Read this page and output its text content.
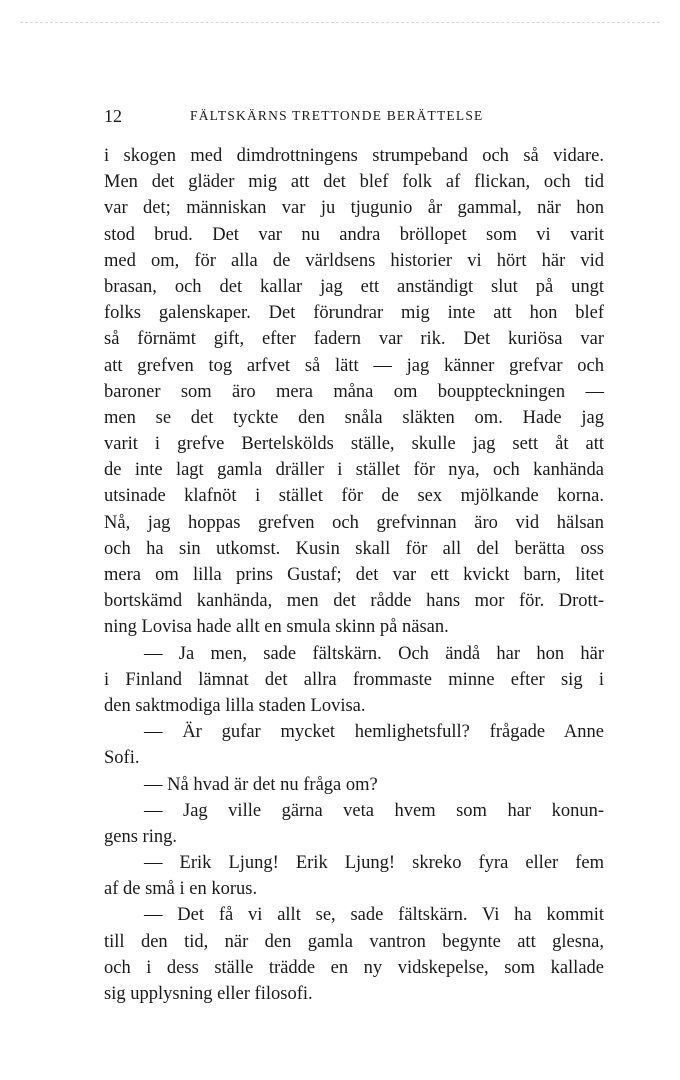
12	FÄLTSKÄRNS TRETTONDE BERÄTTELSE
i skogen med dimdrottningens strumpeband och så vidare.
Men det gläder mig att det blef folk af flickan, och tid
var det; människan var ju tjugunio år gammal, när hon
stod brud. Det var nu andra bröllopet som vi varit
med om, för alla de världsens historier vi hört här vid
brasan, och det kallar jag ett anständigt slut på ungt
folks galenskaper. Det förundrar mig inte att hon blef
så förnämt gift, efter fadern var rik. Det kuriösa var
att grefven tog arfvet så lätt — jag känner grefvar och
baroner som äro mera måna om bouppteckningen —
men se det tyckte den snåla släkten om. Hade jag
varit i grefve Bertelskölds ställe, skulle jag sett åt att
de inte lagt gamla dräller i stället för nya, och kanhända
utsinade klafnöt i stället för de sex mjölkande korna.
Nå, jag hoppas grefven och grefvinnan äro vid hälsan
och ha sin utkomst. Kusin skall för all del berätta oss
mera om lilla prins Gustaf; det var ett kvickt barn, litet
bortskämd kanhända, men det rådde hans mor för. Drott-
ning Lovisa hade allt en smula skinn på näsan.
— Ja men, sade fältskärn. Och ändå har hon här
i Finland lämnat det allra frommaste minne efter sig i
den saktmodiga lilla staden Lovisa.
— Är gufar mycket hemlighetsfull? frågade Anne
Sofi.
— Nå hvad är det nu fråga om?
— Jag ville gärna veta hvem som har konun-
gens ring.
— Erik Ljung! Erik Ljung! skreko fyra eller fem
af de små i en korus.
— Det få vi allt se, sade fältskärn. Vi ha kommit
till den tid, när den gamla vantron begynte att glesna,
och i dess ställe trädde en ny vidskepelse, som kallade
sig upplysning eller filosofi.
